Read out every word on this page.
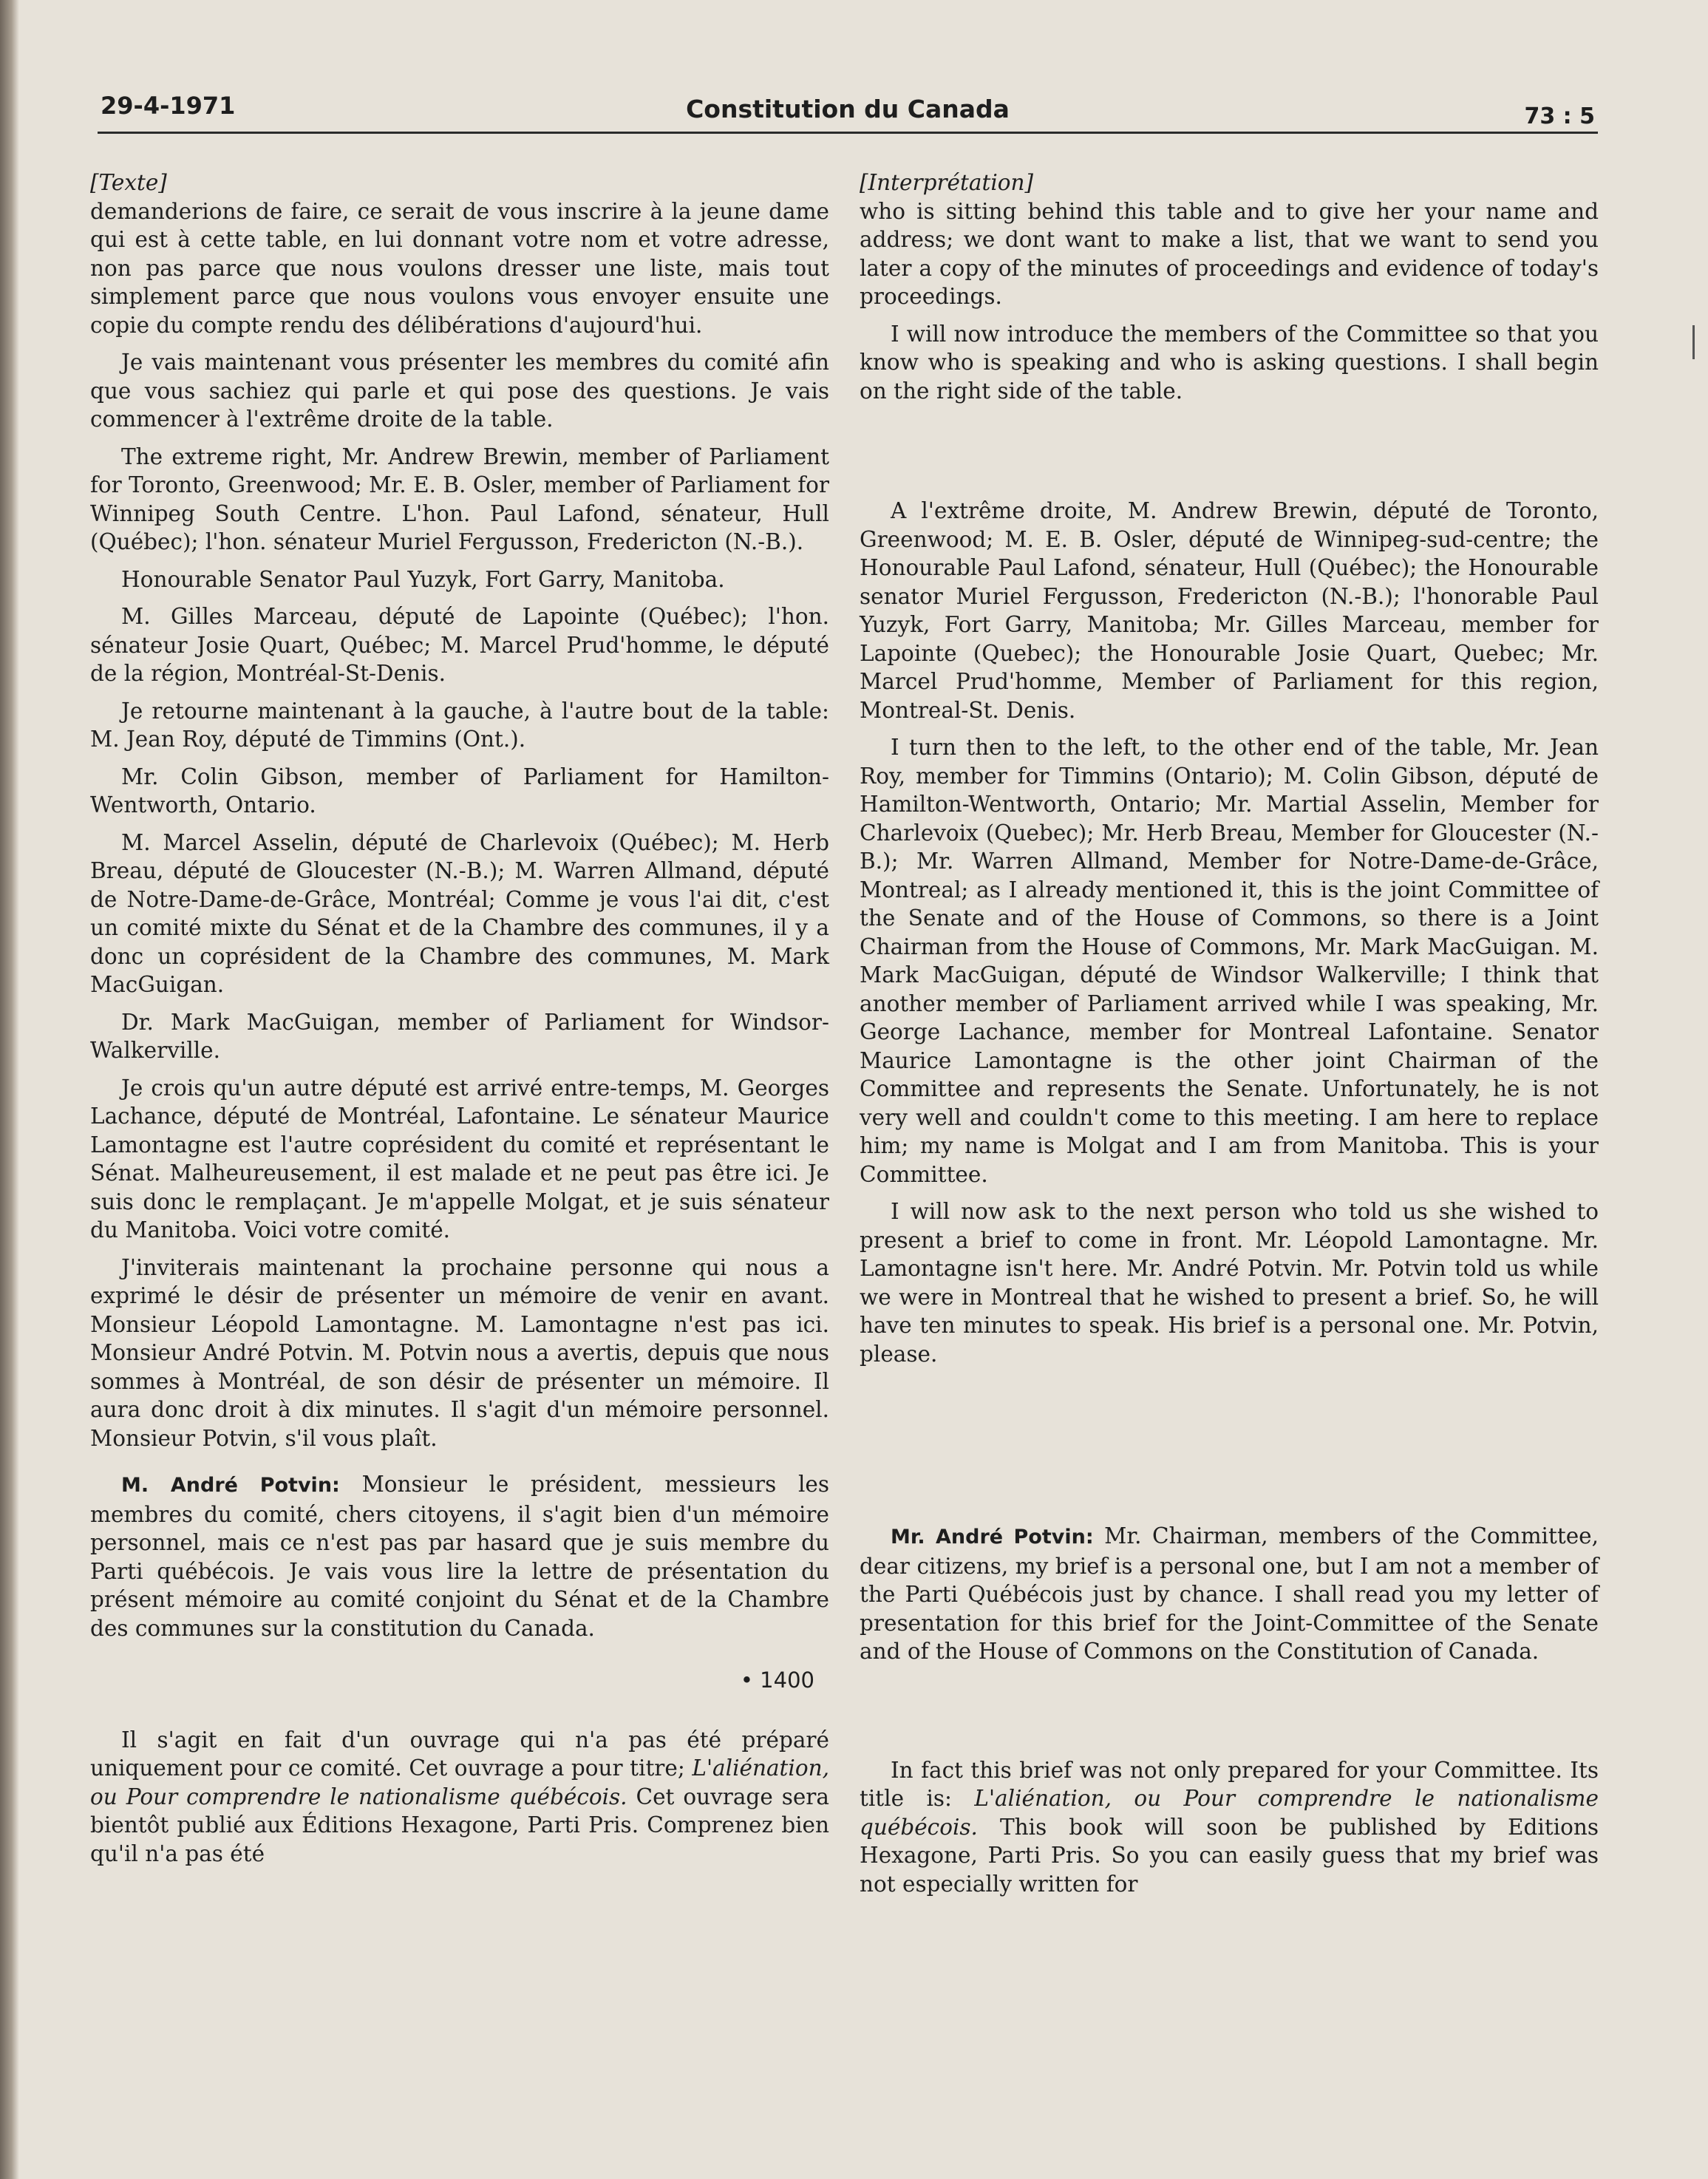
29-4-1971	Constitution du Canada	73 : 5

[Texte]

demanderions de faire, ce serait de vous inscrire à la jeune dame qui est à cette table, en lui donnant votre nom et votre adresse, non pas parce que nous voulons dresser une liste, mais tout simplement parce que nous voulons vous envoyer ensuite une copie du compte rendu des délibérations d'aujourd'hui.

Je vais maintenant vous présenter les membres du comité afin que vous sachiez qui parle et qui pose des questions. Je vais commencer à l'extrême droite de la table.

The extreme right, Mr. Andrew Brewin, member of Parliament for Toronto, Greenwood; Mr. E. B. Osler, member of Parliament for Winnipeg South Centre. L'hon. Paul Lafond, sénateur, Hull (Québec); l'hon. sénateur Muriel Fergusson, Fredericton (N.-B.).

Honourable Senator Paul Yuzyk, Fort Garry, Manitoba.

M. Gilles Marceau, député de Lapointe (Québec); l'hon. sénateur Josie Quart, Québec; M. Marcel Prud'homme, le député de la région, Montréal-St-Denis.

Je retourne maintenant à la gauche, à l'autre bout de la table: M. Jean Roy, député de Timmins (Ont.).

Mr. Colin Gibson, member of Parliament for Hamilton-Wentworth, Ontario.

M. Marcel Asselin, député de Charlevoix (Québec); M. Herb Breau, député de Gloucester (N.-B.); M. Warren Allmand, député de Notre-Dame-de-Grâce, Montréal; Comme je vous l'ai dit, c'est un comité mixte du Sénat et de la Chambre des communes, il y a donc un coprésident de la Chambre des communes, M. Mark MacGuigan.

Dr. Mark MacGuigan, member of Parliament for Windsor-Walkerville.

Je crois qu'un autre député est arrivé entre-temps, M. Georges Lachance, député de Montréal, Lafontaine. Le sénateur Maurice Lamontagne est l'autre coprésident du comité et représentant le Sénat. Malheureusement, il est malade et ne peut pas être ici. Je suis donc le remplaçant. Je m'appelle Molgat, et je suis sénateur du Manitoba. Voici votre comité.

J'inviterais maintenant la prochaine personne qui nous a exprimé le désir de présenter un mémoire de venir en avant. Monsieur Léopold Lamontagne. M. Lamontagne n'est pas ici. Monsieur André Potvin. M. Potvin nous a avertis, depuis que nous sommes à Montréal, de son désir de présenter un mémoire. Il aura donc droit à dix minutes. Il s'agit d'un mémoire personnel. Monsieur Potvin, s'il vous plaît.

M. André Potvin: Monsieur le président, messieurs les membres du comité, chers citoyens, il s'agit bien d'un mémoire personnel, mais ce n'est pas par hasard que je suis membre du Parti québécois. Je vais vous lire la lettre de présentation du présent mémoire au comité conjoint du Sénat et de la Chambre des communes sur la constitution du Canada.

• 1400

Il s'agit en fait d'un ouvrage qui n'a pas été préparé uniquement pour ce comité. Cet ouvrage a pour titre; L'aliénation, ou Pour comprendre le nationalisme québécois. Cet ouvrage sera bientôt publié aux Éditions Hexagone, Parti Pris. Comprenez bien qu'il n'a pas été

[Interprétation]

who is sitting behind this table and to give her your name and address; we dont want to make a list, that we want to send you later a copy of the minutes of proceedings and evidence of today's proceedings.

I will now introduce the members of the Committee so that you know who is speaking and who is asking questions. I shall begin on the right side of the table.

A l'extrême droite, M. Andrew Brewin, député de Toronto, Greenwood; M. E. B. Osler, député de Winnipeg-sud-centre; the Honourable Paul Lafond, sénateur, Hull (Québec); the Honourable senator Muriel Fergusson, Fredericton (N.-B.); l'honorable Paul Yuzyk, Fort Garry, Manitoba; Mr. Gilles Marceau, member for Lapointe (Quebec); the Honourable Josie Quart, Quebec; Mr. Marcel Prud'homme, Member of Parliament for this region, Montreal-St. Denis.

I turn then to the left, to the other end of the table, Mr. Jean Roy, member for Timmins (Ontario); M. Colin Gibson, député de Hamilton-Wentworth, Ontario; Mr. Martial Asselin, Member for Charlevoix (Quebec); Mr. Herb Breau, Member for Gloucester (N.-B.); Mr. Warren Allmand, Member for Notre-Dame-de-Grâce, Montreal; as I already mentioned it, this is the joint Committee of the Senate and of the House of Commons, so there is a Joint Chairman from the House of Commons, Mr. Mark MacGuigan. M. Mark MacGuigan, député de Windsor Walkerville; I think that another member of Parliament arrived while I was speaking, Mr. George Lachance, member for Montreal Lafontaine. Senator Maurice Lamontagne is the other joint Chairman of the Committee and represents the Senate. Unfortunately, he is not very well and couldn't come to this meeting. I am here to replace him; my name is Molgat and I am from Manitoba. This is your Committee.

I will now ask to the next person who told us she wished to present a brief to come in front. Mr. Léopold Lamontagne. Mr. Lamontagne isn't here. Mr. André Potvin. Mr. Potvin told us while we were in Montreal that he wished to present a brief. So, he will have ten minutes to speak. His brief is a personal one. Mr. Potvin, please.

Mr. André Potvin: Mr. Chairman, members of the Committee, dear citizens, my brief is a personal one, but I am not a member of the Parti Québécois just by chance. I shall read you my letter of presentation for this brief for the Joint-Committee of the Senate and of the House of Commons on the Constitution of Canada.

In fact this brief was not only prepared for your Committee. Its title is: L'aliénation, ou Pour comprendre le nationalisme québécois. This book will soon be published by Editions Hexagone, Parti Pris. So you can easily guess that my brief was not especially written for
